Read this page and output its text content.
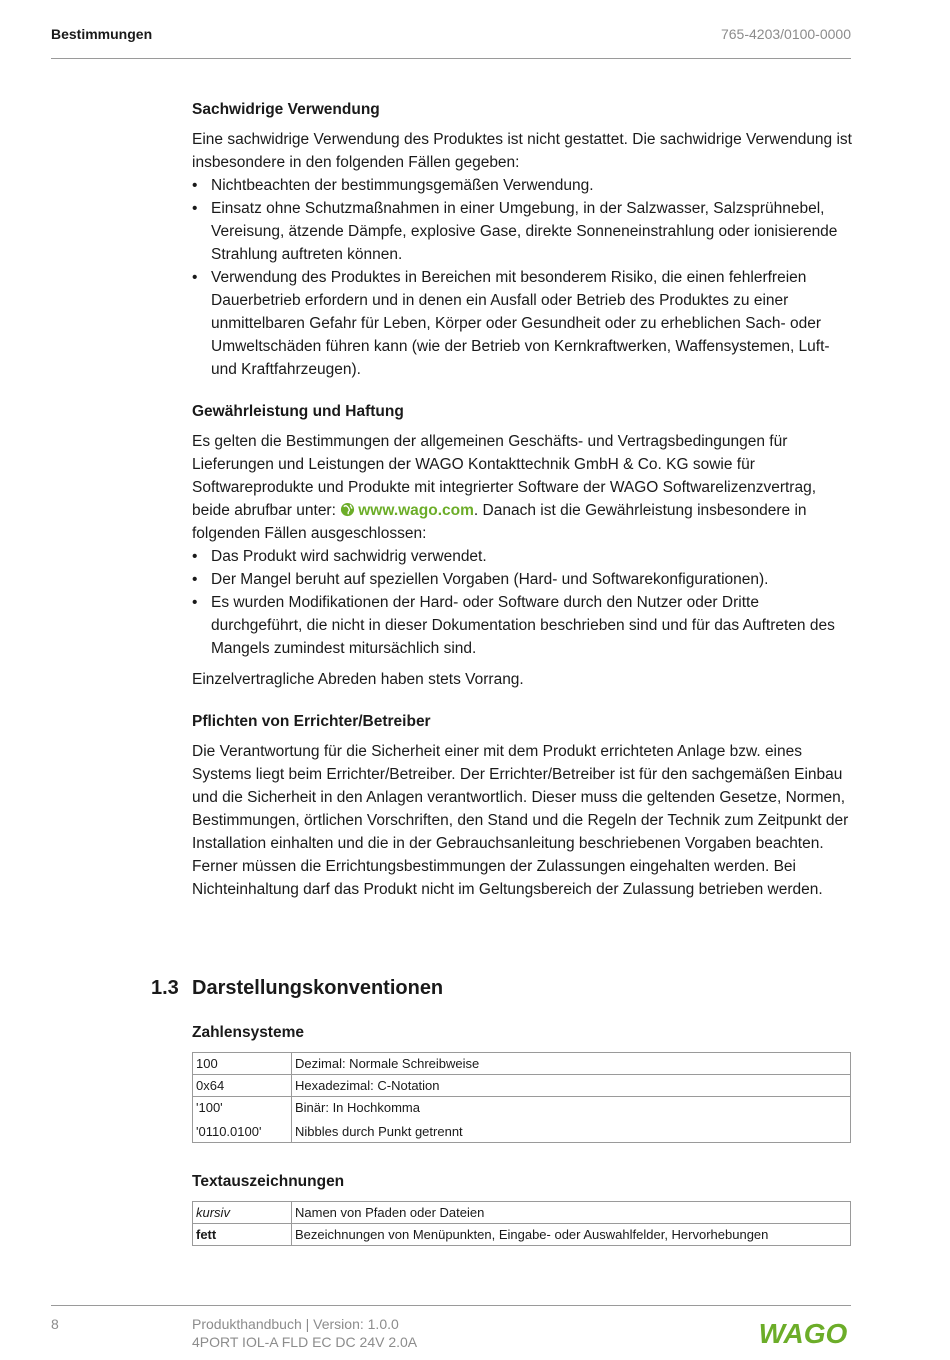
Bestimmungen	765-4203/0100-0000
Sachwidrige Verwendung

Eine sachwidrige Verwendung des Produktes ist nicht gestattet. Die sachwidrige Verwendung ist insbesondere in den folgenden Fällen gegeben:

• Nichtbeachten der bestimmungsgemäßen Verwendung.
• Einsatz ohne Schutzmaßnahmen in einer Umgebung, in der Salzwasser, Salzsprühnebel, Vereisung, ätzende Dämpfe, explosive Gase, direkte Sonneneinstrahlung oder ionisierende Strahlung auftreten können.
• Verwendung des Produktes in Bereichen mit besonderem Risiko, die einen fehlerfreien Dauerbetrieb erfordern und in denen ein Ausfall oder Betrieb des Produktes zu einer unmittelbaren Gefahr für Leben, Körper oder Gesundheit oder zu erheblichen Sach- oder Umweltschäden führen kann (wie der Betrieb von Kernkraftwerken, Waffensystemen, Luft- und Kraftfahrzeugen).
Gewährleistung und Haftung

Es gelten die Bestimmungen der allgemeinen Geschäfts- und Vertragsbedingungen für Lieferungen und Leistungen der WAGO Kontakttechnik GmbH & Co. KG sowie für Softwareprodukte und Produkte mit integrierter Software der WAGO Softwarelizenzvertrag, beide abrufbar unter: www.wago.com. Danach ist die Gewährleistung insbesondere in folgenden Fällen ausgeschlossen:

• Das Produkt wird sachwidrig verwendet.
• Der Mangel beruht auf speziellen Vorgaben (Hard- und Softwarekonfigurationen).
• Es wurden Modifikationen der Hard- oder Software durch den Nutzer oder Dritte durchgeführt, die nicht in dieser Dokumentation beschrieben sind und für das Auftreten des Mangels zumindest mitursächlich sind.

Einzelvertragliche Abreden haben stets Vorrang.

Pflichten von Errichter/Betreiber

Die Verantwortung für die Sicherheit einer mit dem Produkt errichteten Anlage bzw. eines Systems liegt beim Errichter/Betreiber. Der Errichter/Betreiber ist für den sachgemäßen Einbau und die Sicherheit in den Anlagen verantwortlich. Dieser muss die geltenden Gesetze, Normen, Bestimmungen, örtlichen Vorschriften, den Stand und die Regeln der Technik zum Zeitpunkt der Installation einhalten und die in der Gebrauchsanleitung beschriebenen Vorgaben beachten. Ferner müssen die Errichtungsbestimmungen der Zulassungen eingehalten werden. Bei Nichteinhaltung darf das Produkt nicht im Geltungsbereich der Zulassung betrieben werden.

1.3 Darstellungskonventionen
Zahlensysteme
100	Dezimal: Normale Schreibweise
0x64	Hexadezimal: C-Notation
'100'	Binär: In Hochkomma
'0110.0100'	Nibbles durch Punkt getrennt
Textauszeichnungen
kursiv	Namen von Pfaden oder Dateien
fett	Bezeichnungen von Menüpunkten, Eingabe- oder Auswahlfelder, Hervorhebungen
8	Produkthandbuch | Version: 1.0.0
4PORT IOL-A FLD EC DC 24V 2.0A	WAGO
